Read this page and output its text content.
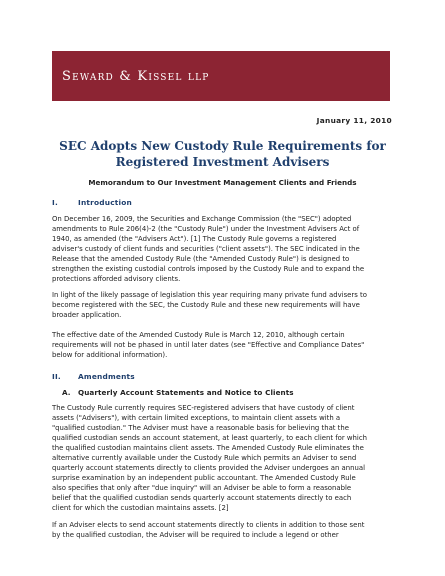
Seward & Kissel llp
January 11, 2010
SEC Adopts New Custody Rule Requirements for Registered Investment Advisers
Memorandum to Our Investment Management Clients and Friends
I.	Introduction

On December 16, 2009, the Securities and Exchange Commission (the "SEC") adopted
amendments to Rule 206(4)-2 (the "Custody Rule") under the Investment Advisers Act of
1940, as amended (the "Advisers Act"). [1] The Custody Rule governs a registered
adviser's custody of client funds and securities ("client assets"). The SEC indicated in the
Release that the amended Custody Rule (the "Amended Custody Rule") is designed to
strengthen the existing custodial controls imposed by the Custody Rule and to expand the
protections afforded advisory clients.

In light of the likely passage of legislation this year requiring many private fund advisers to
become registered with the SEC, the Custody Rule and these new requirements will have
broader application.

The effective date of the Amended Custody Rule is March 12, 2010, although certain
requirements will not be phased in until later dates (see "Effective and Compliance Dates"
below for additional information).

II. Amendments
A. Quarterly Account Statements and Notice to Clients

The Custody Rule currently requires SEC-registered advisers that have custody of client
assets ("Advisers"), with certain limited exceptions, to maintain client assets with a
"qualified custodian." The Adviser must have a reasonable basis for believing that the
qualified custodian sends an account statement, at least quarterly, to each client for which
the qualified custodian maintains client assets. The Amended Custody Rule eliminates the
alternative currently available under the Custody Rule which permits an Adviser to send
quarterly account statements directly to clients provided the Adviser undergoes an annual
surprise examination by an independent public accountant. The Amended Custody Rule
also specifies that only after "due inquiry" will an Adviser be able to form a reasonable
belief that the qualified custodian sends quarterly account statements directly to each
client for which the custodian maintains assets. [2]

If an Adviser elects to send account statements directly to clients in addition to those sent
by the qualified custodian, the Adviser will be required to include a legend or other
